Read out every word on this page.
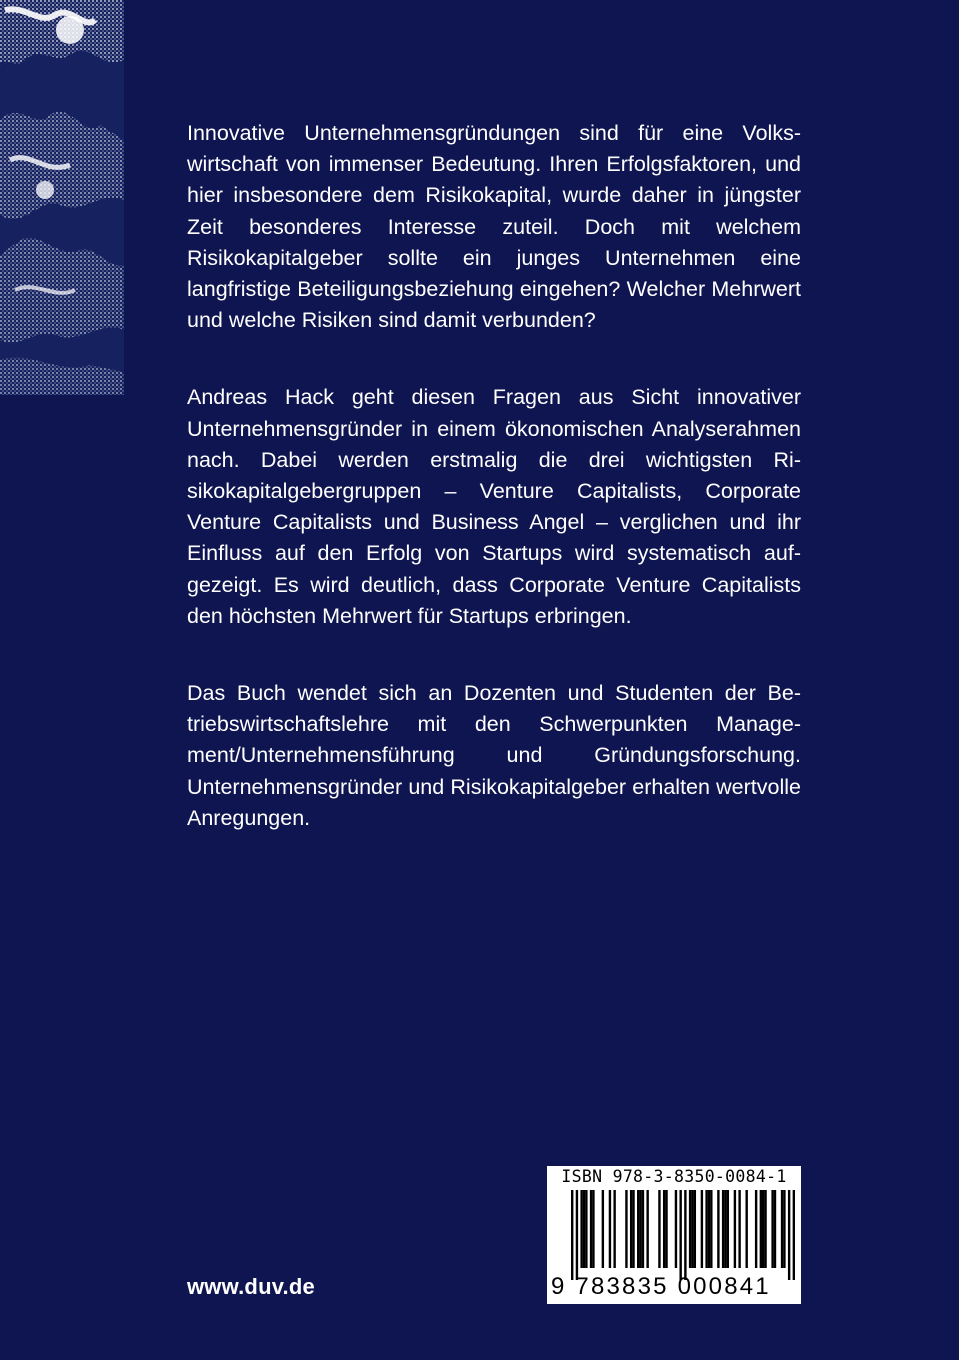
Innovative Unternehmensgründungen sind für eine Volkswirtschaft von immenser Bedeutung. Ihren Erfolgsfaktoren, und hier insbesondere dem Risikokapital, wurde daher in jüngster Zeit besonderes Interesse zuteil. Doch mit welchem Risikokapitalgeber sollte ein junges Unternehmen eine langfristige Beteiligungsbeziehung eingehen? Welcher Mehrwert und welche Risiken sind damit verbunden?

Andreas Hack geht diesen Fragen aus Sicht innovativer Unternehmensgründer in einem ökonomischen Analyserahmen nach. Dabei werden erstmalig die drei wichtigsten Risikokapitalgebergruppen – Venture Capitalists, Corporate Venture Capitalists und Business Angel – verglichen und ihr Einfluss auf den Erfolg von Startups wird systematisch aufgezeigt. Es wird deutlich, dass Corporate Venture Capitalists den höchsten Mehrwert für Startups erbringen.

Das Buch wendet sich an Dozenten und Studenten der Betriebswirtschaftslehre mit den Schwerpunkten Management/Unternehmensführung und Gründungsforschung. Unternehmensgründer und Risikokapitalgeber erhalten wertvolle Anregungen.

www.duv.de
ISBN 978-3-8350-0084-1
9 783835 000841
